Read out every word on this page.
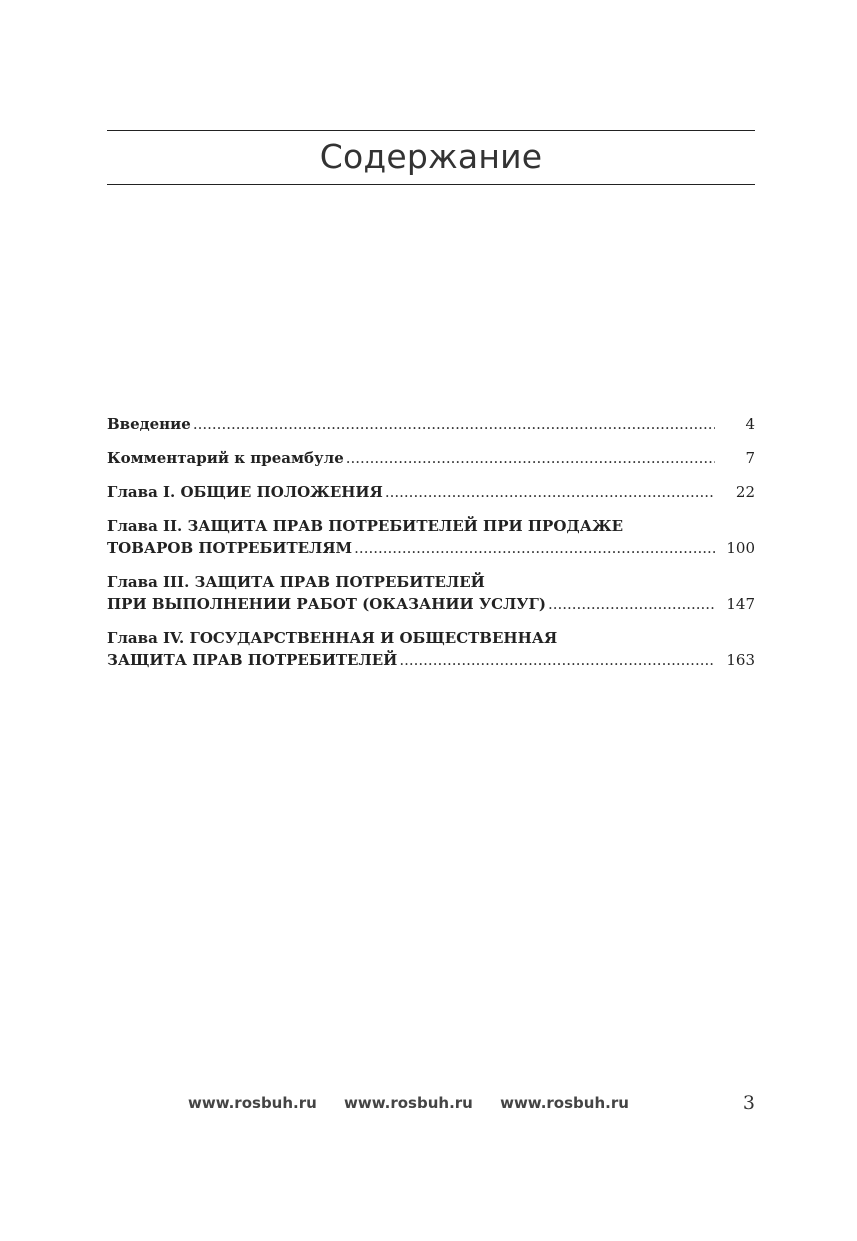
Содержание
Введение .....	4
Комментарий к преамбуле .....	7
Глава I. ОБЩИЕ ПОЛОЖЕНИЯ .....	22
Глава II. ЗАЩИТА ПРАВ ПОТРЕБИТЕЛЕЙ ПРИ ПРОДАЖЕ
ТОВАРОВ ПОТРЕБИТЕЛЯМ .....	100
Глава III. ЗАЩИТА ПРАВ ПОТРЕБИТЕЛЕЙ
ПРИ ВЫПОЛНЕНИИ РАБОТ (ОКАЗАНИИ УСЛУГ) .....	147
Глава IV. ГОСУДАРСТВЕННАЯ И ОБЩЕСТВЕННАЯ
ЗАЩИТА ПРАВ ПОТРЕБИТЕЛЕЙ .....	163
www.rosbuh.ru www.rosbuh.ru www.rosbuh.ru	3
